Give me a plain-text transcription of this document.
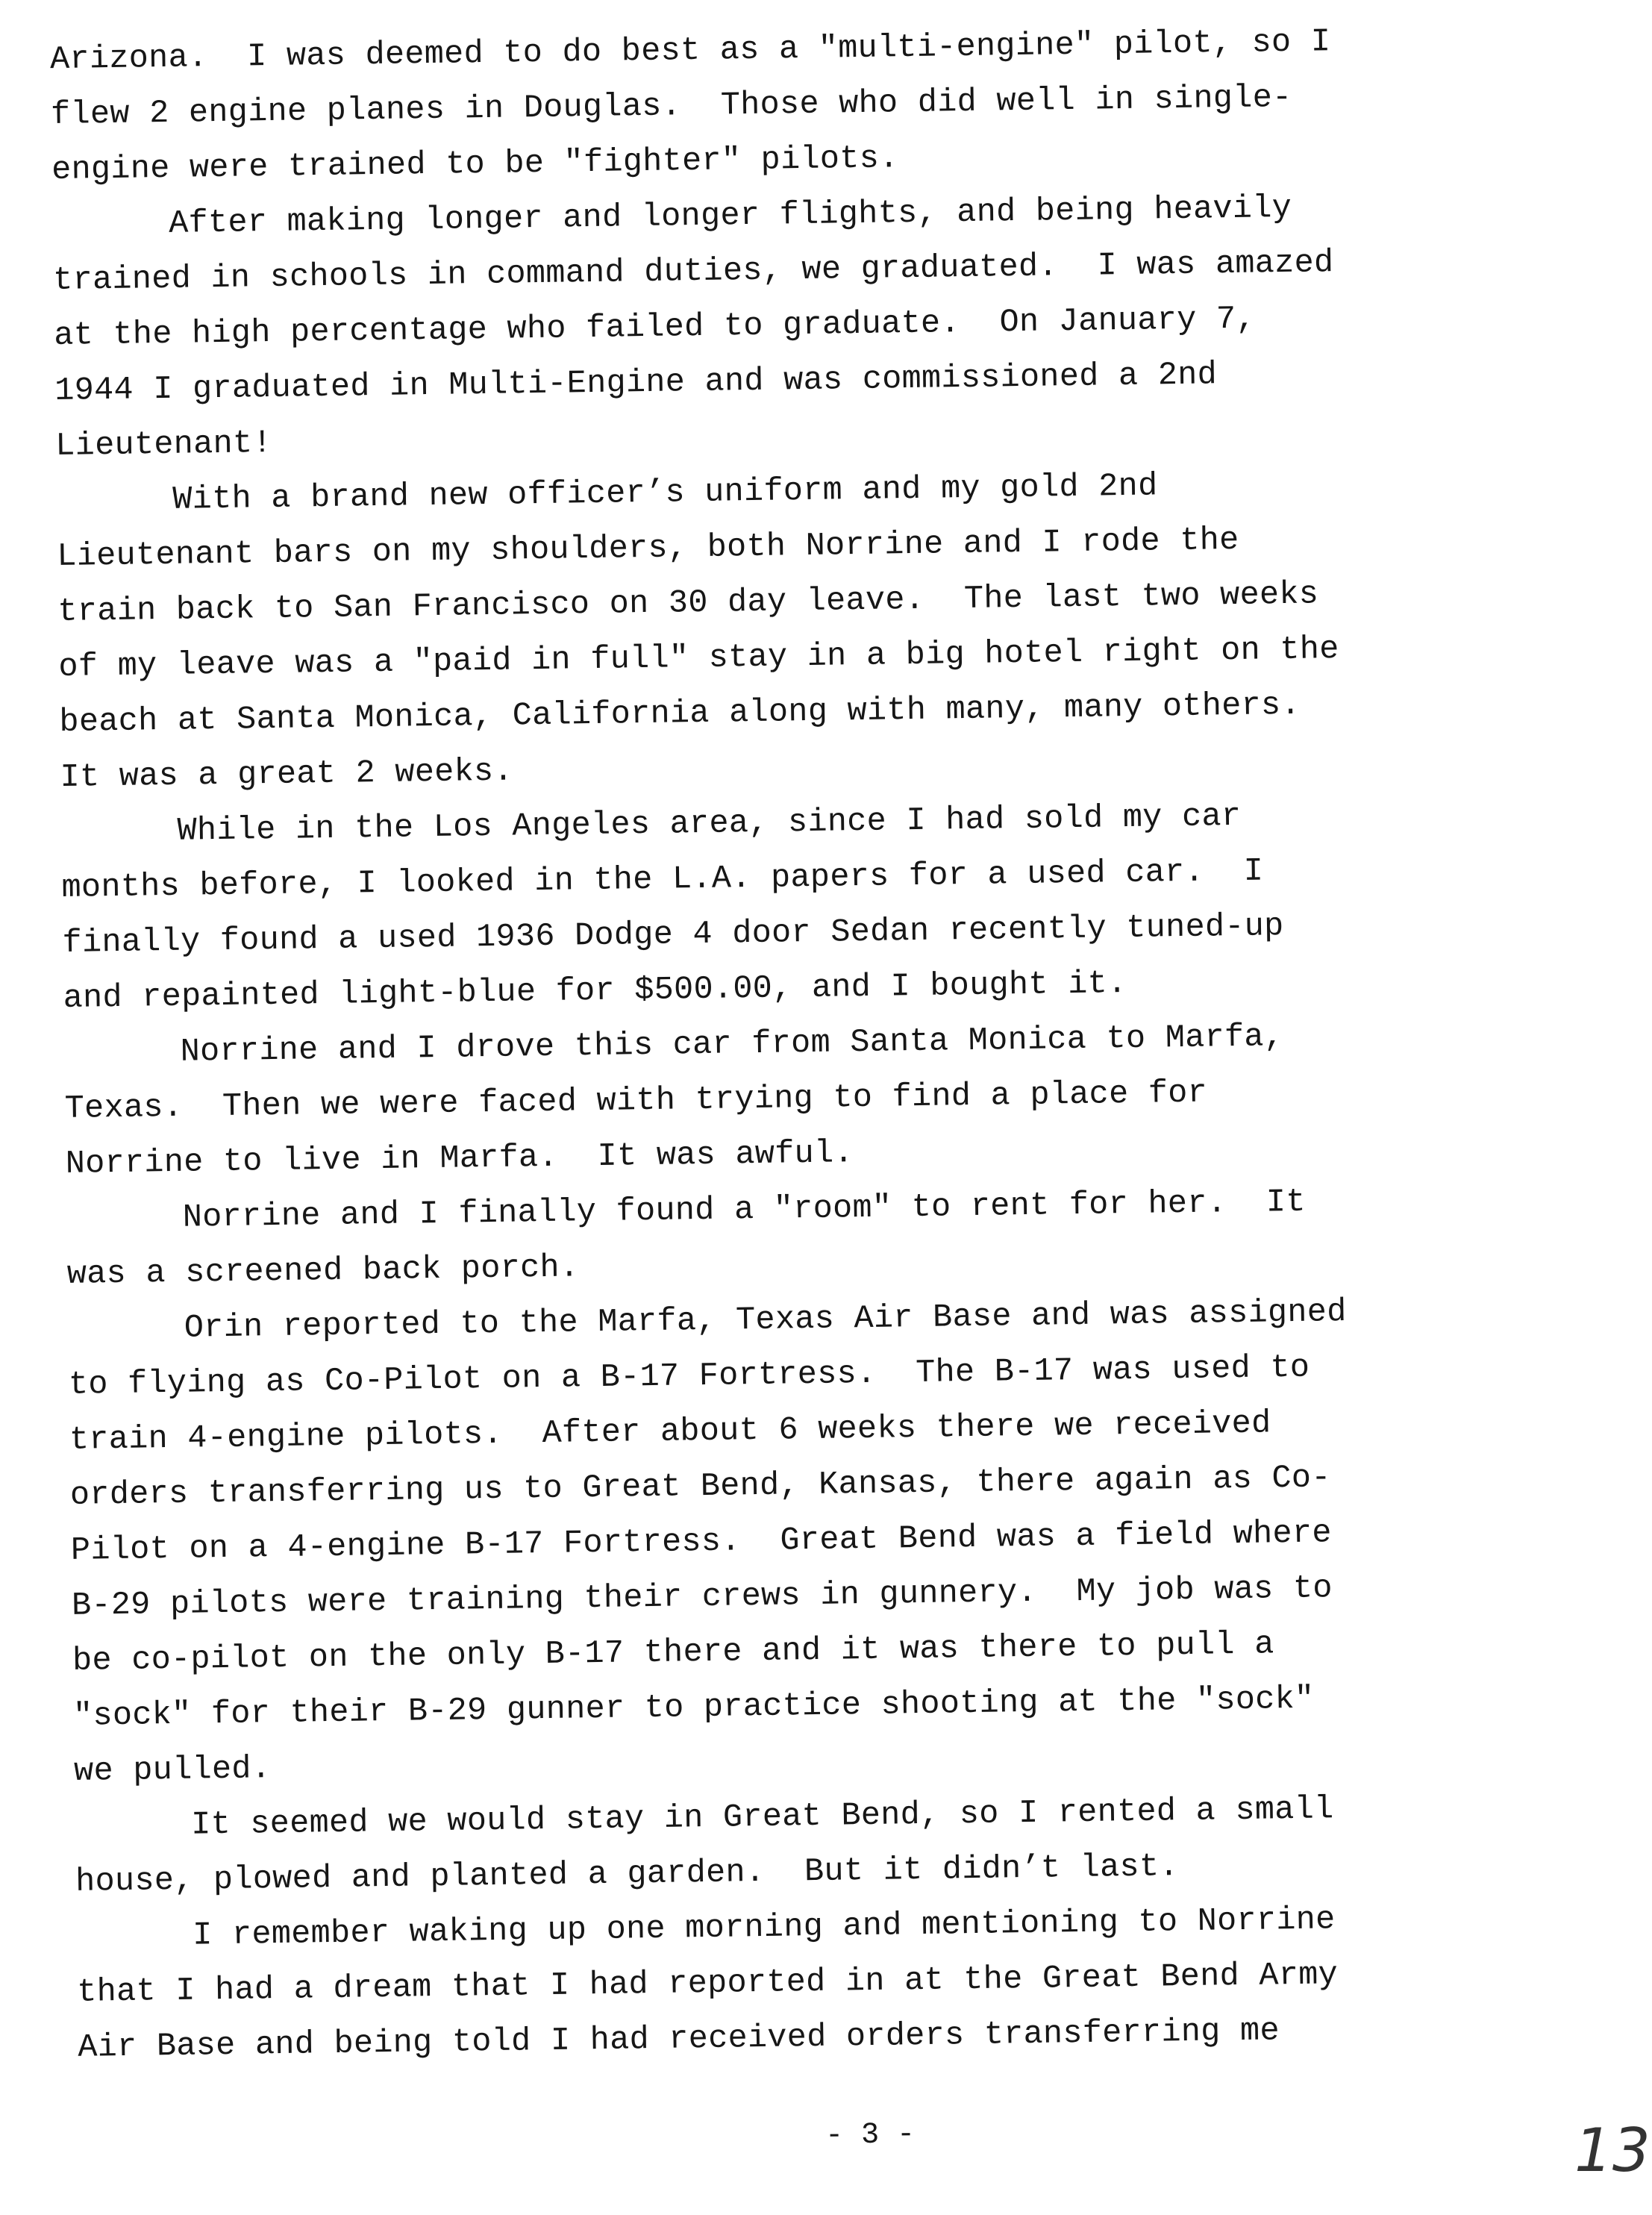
Arizona.  I was deemed to do best as a "multi-engine" pilot, so I
flew 2 engine planes in Douglas.  Those who did well in single-
engine were trained to be "fighter" pilots.
After making longer and longer flights, and being heavily
trained in schools in command duties, we graduated.  I was amazed
at the high percentage who failed to graduate.  On January 7,
1944 I graduated in Multi-Engine and was commissioned a 2nd
Lieutenant!
With a brand new officer’s uniform and my gold 2nd
Lieutenant bars on my shoulders, both Norrine and I rode the
train back to San Francisco on 30 day leave.  The last two weeks
of my leave was a "paid in full" stay in a big hotel right on the
beach at Santa Monica, California along with many, many others.
It was a great 2 weeks.
While in the Los Angeles area, since I had sold my car
months before, I looked in the L.A. papers for a used car.  I
finally found a used 1936 Dodge 4 door Sedan recently tuned-up
and repainted light-blue for $500.00, and I bought it.
Norrine and I drove this car from Santa Monica to Marfa,
Texas.  Then we were faced with trying to find a place for
Norrine to live in Marfa.  It was awful.
Norrine and I finally found a "room" to rent for her.  It
was a screened back porch.
Orin reported to the Marfa, Texas Air Base and was assigned
to flying as Co-Pilot on a B-17 Fortress.  The B-17 was used to
train 4-engine pilots.  After about 6 weeks there we received
orders transferring us to Great Bend, Kansas, there again as Co-
Pilot on a 4-engine B-17 Fortress.  Great Bend was a field where
B-29 pilots were training their crews in gunnery.  My job was to
be co-pilot on the only B-17 there and it was there to pull a
"sock" for their B-29 gunner to practice shooting at the "sock"
we pulled.
It seemed we would stay in Great Bend, so I rented a small
house, plowed and planted a garden.  But it didn’t last.
I remember waking up one morning and mentioning to Norrine
that I had a dream that I had reported in at the Great Bend Army
Air Base and being told I had received orders transferring me
- 3 -	13
